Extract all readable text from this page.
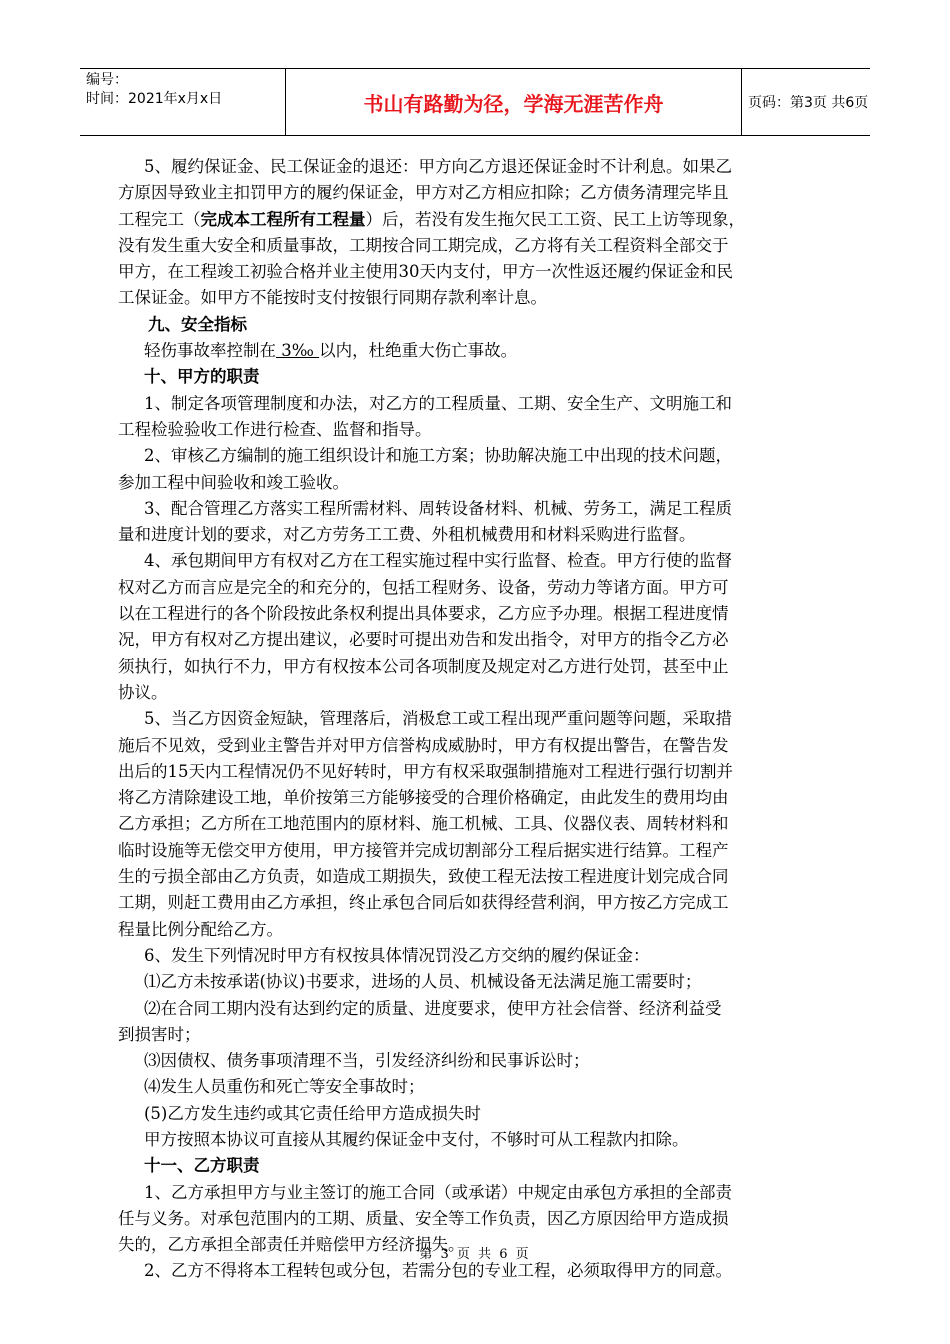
编号：
时间：2021年x月x日	书山有路勤为径，学海无涯苦作舟	页码：第3页 共6页

5、履约保证金、民工保证金的退还：甲方向乙方退还保证金时不计利息。如果乙

方原因导致业主扣罚甲方的履约保证金，甲方对乙方相应扣除；乙方债务清理完毕且

工程完工（完成本工程所有工程量）后，若没有发生拖欠民工工资、民工上访等现象，

没有发生重大安全和质量事故，工期按合同工期完成，乙方将有关工程资料全部交于

甲方，在工程竣工初验合格并业主使用30天内支付，甲方一次性返还履约保证金和民

工保证金。如甲方不能按时支付按银行同期存款利率计息。

九、安全指标

轻伤事故率控制在 3‰ 以内，杜绝重大伤亡事故。

十、甲方的职责

1、制定各项管理制度和办法，对乙方的工程质量、工期、安全生产、文明施工和

工程检验验收工作进行检查、监督和指导。

2、审核乙方编制的施工组织设计和施工方案；协助解决施工中出现的技术问题，

参加工程中间验收和竣工验收。

3、配合管理乙方落实工程所需材料、周转设备材料、机械、劳务工，满足工程质

量和进度计划的要求，对乙方劳务工工费、外租机械费用和材料采购进行监督。

4、承包期间甲方有权对乙方在工程实施过程中实行监督、检查。甲方行使的监督

权对乙方而言应是完全的和充分的，包括工程财务、设备，劳动力等诸方面。甲方可

以在工程进行的各个阶段按此条权利提出具体要求，乙方应予办理。根据工程进度情

况，甲方有权对乙方提出建议，必要时可提出劝告和发出指令，对甲方的指令乙方必

须执行，如执行不力，甲方有权按本公司各项制度及规定对乙方进行处罚，甚至中止

协议。

5、当乙方因资金短缺，管理落后，消极怠工或工程出现严重问题等问题，采取措

施后不见效，受到业主警告并对甲方信誉构成威胁时，甲方有权提出警告，在警告发

出后的15天内工程情况仍不见好转时，甲方有权采取强制措施对工程进行强行切割并

将乙方清除建设工地，单价按第三方能够接受的合理价格确定，由此发生的费用均由

乙方承担；乙方所在工地范围内的原材料、施工机械、工具、仪器仪表、周转材料和

临时设施等无偿交甲方使用，甲方接管并完成切割部分工程后据实进行结算。工程产

生的亏损全部由乙方负责，如造成工期损失，致使工程无法按工程进度计划完成合同

工期，则赶工费用由乙方承担，终止承包合同后如获得经营利润，甲方按乙方完成工

程量比例分配给乙方。

6、发生下列情况时甲方有权按具体情况罚没乙方交纳的履约保证金：

⑴乙方未按承诺(协议)书要求，进场的人员、机械设备无法满足施工需要时；

⑵在合同工期内没有达到约定的质量、进度要求，使甲方社会信誉、经济利益受

到损害时；

⑶因债权、债务事项清理不当，引发经济纠纷和民事诉讼时；

⑷发生人员重伤和死亡等安全事故时；

(5)乙方发生违约或其它责任给甲方造成损失时

甲方按照本协议可直接从其履约保证金中支付，不够时可从工程款内扣除。

十一、乙方职责

1、乙方承担甲方与业主签订的施工合同（或承诺）中规定由承包方承担的全部责

任与义务。对承包范围内的工期、质量、安全等工作负责，因乙方原因给甲方造成损

失的，乙方承担全部责任并赔偿甲方经济损失。

2、乙方不得将本工程转包或分包，若需分包的专业工程，必须取得甲方的同意。

第 3 页 共 6 页
